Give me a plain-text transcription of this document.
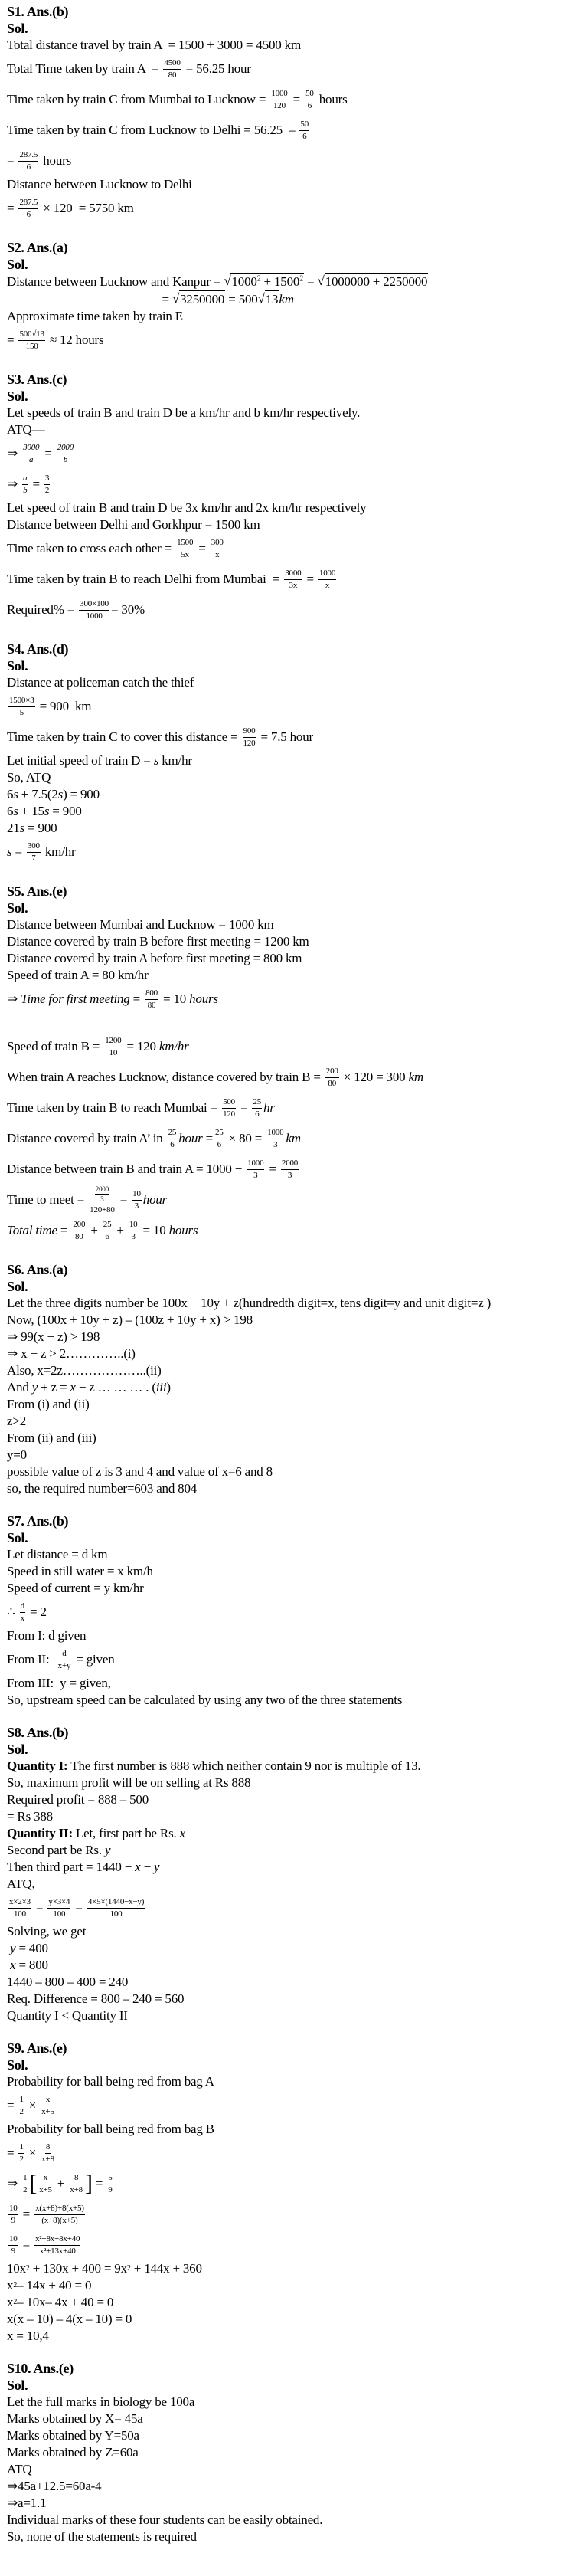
S1. Ans.(b)
Sol.
Total distance travel by train A  = 1500 + 3000 = 4500 km
Total Time taken by train $A = \frac{4500}{80} = 56.25$ hour
Time taken by train C from Mumbai to Lucknow = $\frac{1000}{120} = \frac{50}{6}$ hours
Time taken by train C from Lucknow to Delhi = $56.25 - \frac{50}{6}$
= $\frac{287.5}{6}$ hours
Distance between Lucknow to Delhi
= $\frac{287.5}{6} \times 120 = 5750$ km
S2. Ans.(a)
Sol.
Distance between Lucknow and Kanpur = √ $1000^2 + 1500^2$ = √ 1000000 + 2250000
= √ 3250000 = 500 √ 13 km
Approximate time taken by train E
= $\frac{500√13}{150} \approx 12$ hours
S3. Ans.(c)
Sol.
Let speeds of train B and train D be a km/hr and b km/hr respectively.
ATQ—
⇒ $\frac{3000}{a} = \frac{2000}{b}$
⇒ $\frac{a}{b} = \frac{3}{2}$
Let speed of train B and train D be 3x km/hr and 2x km/hr respectively
Distance between Delhi and Gorkhpur = 1500 km
Time taken to cross each other = $\frac{1500}{5x} = \frac{300}{x}$
Time taken by train B to reach Delhi from Mumbai  = $\frac{3000}{3x} = \frac{1000}{x}$
Required% = $\frac{300\times 100}{1000} = 30\%$
S4. Ans.(d)
Sol.
Distance at policeman catch the thief
$\frac{1500\times 3}{5} = 900$  km
Time taken by train C to cover this distance = $\frac{900}{120} = 7.5$ hour
Let initial speed of train D = s km/hr
So, ATQ
6 s + 7.5(2 s ) = 900
6 s + 15 s = 900
21 s = 900
$s = \frac{300}{7} km/hr$
S5. Ans.(e)
Sol.
Distance between Mumbai and Lucknow = 1000 km
Distance covered by train B before first meeting = 1200 km
Distance covered by train A before first meeting = 800 km
Speed of train A = 80 km/hr
⇒ Time for first meeting = $\frac{800}{80} = 10$ hours
Speed of train $B = \frac{1200}{10} = 120$ km/hr
When train A reaches Lucknow, distance covered by train $B = \frac{200}{80} \times 120 = 300$ km
Time taken by train B to reach Mumbai = $\frac{500}{120} = \frac{25}{6}$ hr
Distance covered by train A’ in $\frac{25}{6}$ hour = $\frac{25}{6} \times 80 = \frac{1000}{3}$ km
Distance between train B and train $A = 1000 - \frac{1000}{3} = \frac{2000}{3}$
Time to meet = $\frac{\frac{2000}{3}}{120+80} = \frac{10}{3}$ hour
Total time = $\frac{200}{80} + \frac{25}{6} + \frac{10}{3} = 10$ hours
S6. Ans.(a)
Sol.
Let the three digits number be 100x + 10y + z(hundredth digit=x, tens digit=y and unit digit=z )
Now, (100x + 10y + z) – (100z + 10y + x) > 198
⇒ 99(x − z) > 198
⇒ x − z > 2…………..(i)
Also, x=2z………………..(ii)
And y + z = x − z … … … . ( iii )
From (i) and (ii)
z>2
From (ii) and (iii)
y=0
possible value of z is 3 and 4 and value of x=6 and 8
so, the required number=603 and 804
S7. Ans.(b)
Sol.
Let distance = d km
Speed in still water = x km/h
Speed of current = y km/hr
∴ $\frac{d}{x} = 2$
From I: d given
From II: $\frac{d}{x+y}$ = given
From III:  y = given,
So, upstream speed can be calculated by using any two of the three statements
S8. Ans.(b)
Sol.
Quantity I: The first number is 888 which neither contain 9 nor is multiple of 13.
So, maximum profit will be on selling at Rs 888
Required profit = 888 – 500
= Rs 388
Quantity II: Let, first part be Rs. x
Second part be Rs. y
Then third part = 1440 − x − y
ATQ,
$\frac{x\times 2\times 3}{100} = \frac{y\times 3\times 4}{100} = \frac{4\times 5\times(1440-x-y)}{100}$
Solving, we get

y = 400

x = 800
1440 – 800 – 400 = 240
Req. Difference = 800 – 240 = 560
Quantity I < Quantity II
S9. Ans.(e)
Sol.
Probability for ball being red from bag A
= $\frac{1}{2} \times \frac{x}{x+5}$
Probability for ball being red from bag B
= $\frac{1}{2} \times \frac{8}{x+8}$
⇒ $\frac{1}{2}$ [ $\frac{x}{x+5} + \frac{8}{x+8}$ ] = $\frac{5}{9}$
$\frac{10}{9} = \frac{x(x+8)+8(x+5)}{(x+8)(x+5)}$
$\frac{10}{9} = \frac{\text{x²+8x+8x+40}}{\text{x²+13x+40}}$
10x 2 + 130x + 400 = 9x 2 + 144x + 360
x 2 – 14x + 40 = 0
x 2 – 10x– 4x + 40 = 0
x(x – 10) – 4(x – 10) = 0
x = 10,4
S10. Ans.(e)
Sol.
Let the full marks in biology be 100a
Marks obtained by X= 45a
Marks obtained by Y=50a
Marks obtained by Z=60a
ATQ
⇒45a+12.5=60a-4
⇒a=1.1
Individual marks of these four students can be easily obtained.
So, none of the statements is required
